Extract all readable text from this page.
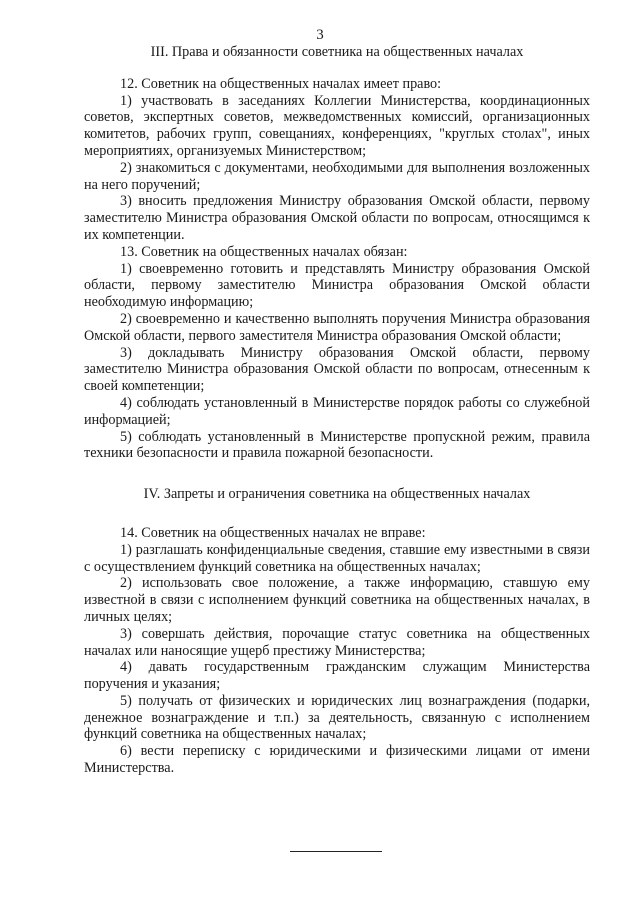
3

III. Права и обязанности советника на общественных началах

12. Советник на общественных началах имеет право:

1) участвовать в заседаниях Коллегии Министерства, координационных советов, экспертных советов, межведомственных комиссий, организационных комитетов, рабочих групп, совещаниях, конференциях, "круглых столах", иных мероприятиях, организуемых Министерством;

2) знакомиться с документами, необходимыми для выполнения возложенных на него поручений;

3) вносить предложения Министру образования Омской области, первому заместителю Министра образования Омской области по вопросам, относящимся к их компетенции.

13. Советник на общественных началах обязан:

1) своевременно готовить и представлять Министру образования Омской области, первому заместителю Министра образования Омской области необходимую информацию;

2) своевременно и качественно выполнять поручения Министра образования Омской области, первого заместителя Министра образования Омской области;

3) докладывать Министру образования Омской области, первому заместителю Министра образования Омской области по вопросам, отнесенным к своей компетенции;

4) соблюдать установленный в Министерстве порядок работы со служебной информацией;

5) соблюдать установленный в Министерстве пропускной режим, правила техники безопасности и правила пожарной безопасности.

IV. Запреты и ограничения советника на общественных началах

14. Советник на общественных началах не вправе:

1) разглашать конфиденциальные сведения, ставшие ему известными в связи с осуществлением функций советника на общественных началах;

2) использовать свое положение, а также информацию, ставшую ему известной в связи с исполнением функций советника на общественных началах, в личных целях;

3) совершать действия, порочащие статус советника на общественных началах или наносящие ущерб престижу Министерства;

4) давать государственным гражданским служащим Министерства поручения и указания;

5) получать от физических и юридических лиц вознаграждения (подарки, денежное вознаграждение и т.п.) за деятельность, связанную с исполнением функций советника на общественных началах;

6) вести переписку с юридическими и физическими лицами от имени Министерства.
